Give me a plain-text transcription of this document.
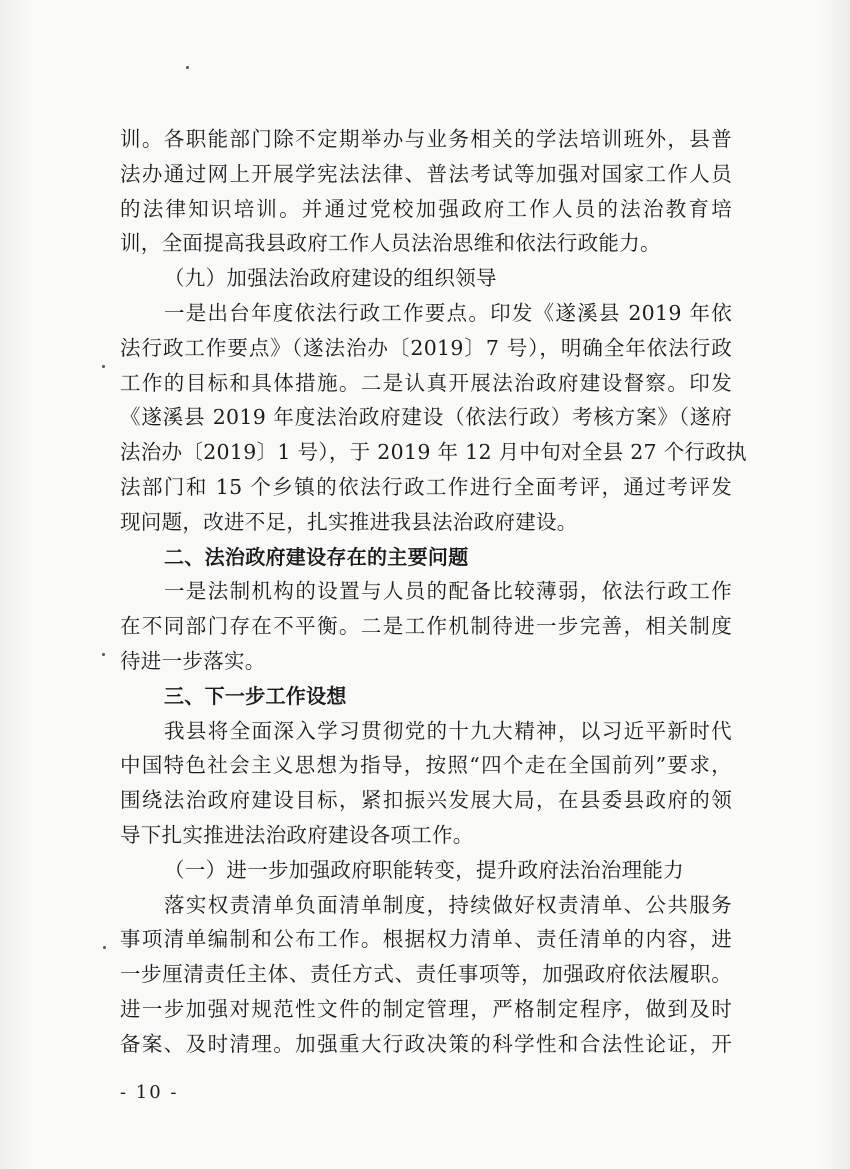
训。各职能部门除不定期举办与业务相关的学法培训班外，县普
法办通过网上开展学宪法法律、普法考试等加强对国家工作人员
的法律知识培训。并通过党校加强政府工作人员的法治教育培
训，全面提高我县政府工作人员法治思维和依法行政能力。
（九）加强法治政府建设的组织领导
一是出台年度依法行政工作要点。印发《遂溪县 2019 年依
法行政工作要点》（遂法治办〔2019〕7 号），明确全年依法行政
工作的目标和具体措施。二是认真开展法治政府建设督察。印发
《遂溪县 2019 年度法治政府建设（依法行政）考核方案》（遂府
法治办〔2019〕1 号），于 2019 年 12 月中旬对全县 27 个行政执
法部门和 15 个乡镇的依法行政工作进行全面考评，通过考评发
现问题，改进不足，扎实推进我县法治政府建设。
二、法治政府建设存在的主要问题
一是法制机构的设置与人员的配备比较薄弱，依法行政工作
在不同部门存在不平衡。二是工作机制待进一步完善，相关制度
待进一步落实。
三、下一步工作设想
我县将全面深入学习贯彻党的十九大精神，以习近平新时代
中国特色社会主义思想为指导，按照“四个走在全国前列”要求，
围绕法治政府建设目标，紧扣振兴发展大局，在县委县政府的领
导下扎实推进法治政府建设各项工作。
（一）进一步加强政府职能转变，提升政府法治治理能力
落实权责清单负面清单制度，持续做好权责清单、公共服务
事项清单编制和公布工作。根据权力清单、责任清单的内容，进
一步厘清责任主体、责任方式、责任事项等，加强政府依法履职。
进一步加强对规范性文件的制定管理，严格制定程序，做到及时
备案、及时清理。加强重大行政决策的科学性和合法性论证，开
- 10 -
